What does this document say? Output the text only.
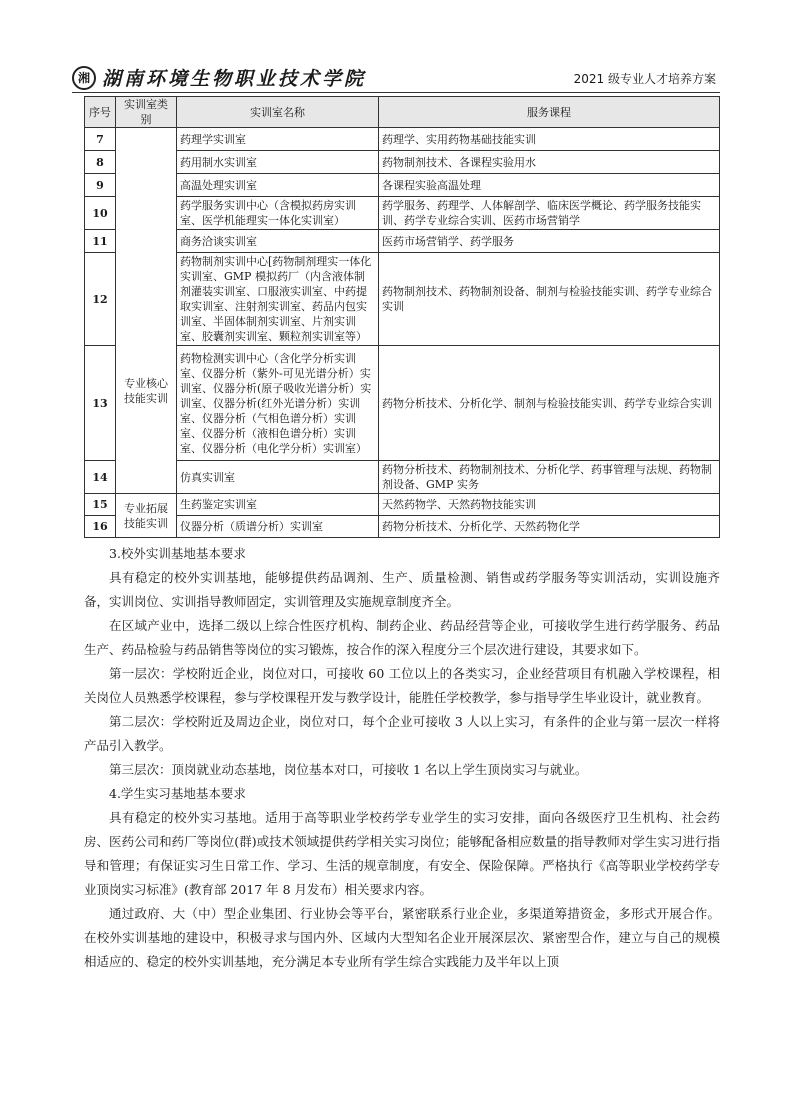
湘 湖南环境生物职业技术学院	2021 级专业人才培养方案
序号	实训室类别	实训室名称	服务课程
7	专业核心技能实训	药理学实训室	药理学、实用药物基础技能实训
8		药用制水实训室	药物制剂技术、各课程实验用水
9		高温处理实训室	各课程实验高温处理
10		药学服务实训中心（含模拟药房实训室、医学机能理实一体化实训室）	药学服务、药理学、人体解剖学、临床医学概论、药学服务技能实训、药学专业综合实训、医药市场营销学
11		商务洽谈实训室	医药市场营销学、药学服务
12		药物制剂实训中心[药物制剂理实一体化实训室、GMP 模拟药厂（内含液体制剂灌装实训室、口服液实训室、中药提取实训室、注射剂实训室、药品内包实训室、半固体制剂实训室、片剂实训室、胶囊剂实训室、颗粒剂实训室等）	药物制剂技术、药物制剂设备、制剂与检验技能实训、药学专业综合实训
13		药物检测实训中心（含化学分析实训室、仪器分析（紫外-可见光谱分析）实训室、仪器分析(原子吸收光谱分析）实训室、仪器分析(红外光谱分析）实训室、仪器分析（气相色谱分析）实训室、仪器分析（液相色谱分析）实训室、仪器分析（电化学分析）实训室）	药物分析技术、分析化学、制剂与检验技能实训、药学专业综合实训
14		仿真实训室	药物分析技术、药物制剂技术、分析化学、药事管理与法规、药物制剂设备、GMP 实务
15	专业拓展技能实训	生药鉴定实训室	天然药物学、天然药物技能实训
16		仪器分析（质谱分析）实训室	药物分析技术、分析化学、天然药物化学
3.校外实训基地基本要求

具有稳定的校外实训基地，能够提供药品调剂、生产、质量检测、销售或药学服务等实训活动，实训设施齐备，实训岗位、实训指导教师固定，实训管理及实施规章制度齐全。

在区域产业中，选择二级以上综合性医疗机构、制药企业、药品经营等企业，可接收学生进行药学服务、药品生产、药品检验与药品销售等岗位的实习锻炼，按合作的深入程度分三个层次进行建设，其要求如下。

第一层次：学校附近企业，岗位对口，可接收 60 工位以上的各类实习，企业经营项目有机融入学校课程，相关岗位人员熟悉学校课程，参与学校课程开发与教学设计，能胜任学校教学，参与指导学生毕业设计，就业教育。

第二层次：学校附近及周边企业，岗位对口，每个企业可接收 3 人以上实习，有条件的企业与第一层次一样将产品引入教学。

第三层次：顶岗就业动态基地，岗位基本对口，可接收 1 名以上学生顶岗实习与就业。

4.学生实习基地基本要求

具有稳定的校外实习基地。适用于高等职业学校药学专业学生的实习安排，面向各级医疗卫生机构、社会药房、医药公司和药厂等岗位(群)或技术领域提供药学相关实习岗位；能够配备相应数量的指导教师对学生实习进行指导和管理；有保证实习生日常工作、学习、生活的规章制度，有安全、保险保障。严格执行《高等职业学校药学专业顶岗实习标准》(教育部 2017 年 8 月发布）相关要求内容。

通过政府、大（中）型企业集团、行业协会等平台，紧密联系行业企业，多渠道筹措资金，多形式开展合作。在校外实训基地的建设中，积极寻求与国内外、区域内大型知名企业开展深层次、紧密型合作，建立与自己的规模相适应的、稳定的校外实训基地，充分满足本专业所有学生综合实践能力及半年以上顶
